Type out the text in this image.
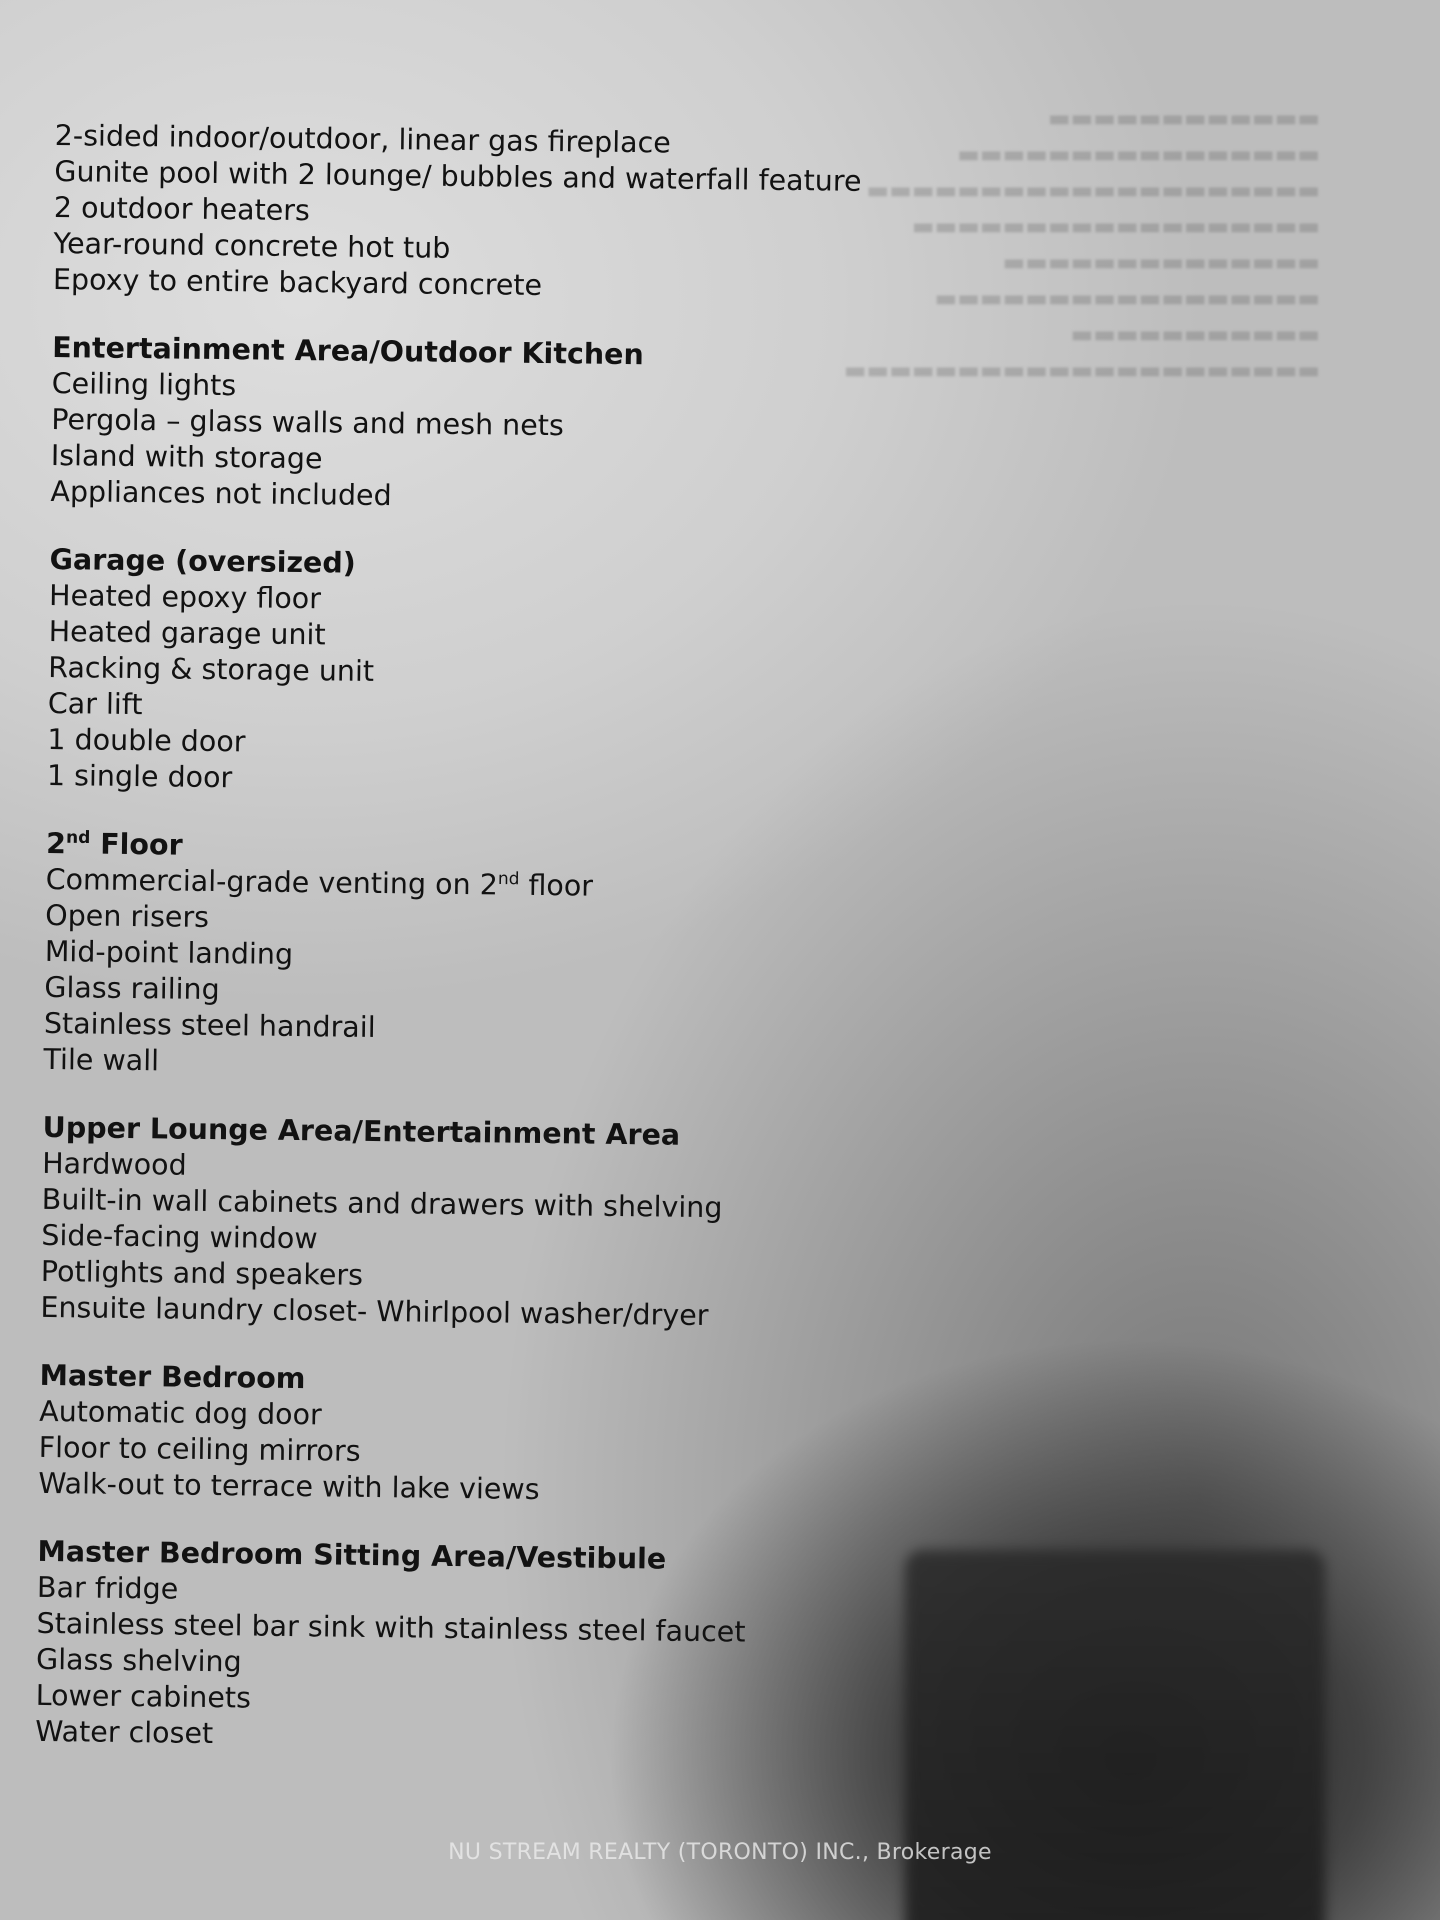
▬▬▬▬▬▬▬▬▬▬▬▬
▬▬▬▬▬▬▬▬▬▬▬▬▬▬▬▬
▬▬▬▬▬▬▬▬▬▬▬▬▬▬▬▬▬▬▬▬
▬▬▬▬▬▬▬▬▬▬▬▬▬▬▬▬▬▬
▬▬▬▬▬▬▬▬▬▬▬▬▬▬
▬▬▬▬▬▬▬▬▬▬▬▬▬▬▬▬▬
▬▬▬▬▬▬▬▬▬▬▬
▬▬▬▬▬▬▬▬▬▬▬▬▬▬▬▬▬▬▬▬▬
2-sided indoor/outdoor, linear gas fireplace
Gunite pool with 2 lounge/ bubbles and waterfall feature
2 outdoor heaters
Year-round concrete hot tub
Epoxy to entire backyard concrete
Entertainment Area/Outdoor Kitchen
Ceiling lights
Pergola – glass walls and mesh nets
Island with storage
Appliances not included
Garage (oversized)
Heated epoxy floor
Heated garage unit
Racking & storage unit
Car lift
1 double door
1 single door
2nd Floor
Commercial-grade venting on 2nd floor
Open risers
Mid-point landing
Glass railing
Stainless steel handrail
Tile wall
Upper Lounge Area/Entertainment Area
Hardwood
Built-in wall cabinets and drawers with shelving
Side-facing window
Potlights and speakers
Ensuite laundry closet- Whirlpool washer/dryer
Master Bedroom
Automatic dog door
Floor to ceiling mirrors
Walk-out to terrace with lake views
Master Bedroom Sitting Area/Vestibule
Bar fridge
Stainless steel bar sink with stainless steel faucet
Glass shelving
Lower cabinets
Water closet
NU STREAM REALTY (TORONTO) INC., Brokerage
